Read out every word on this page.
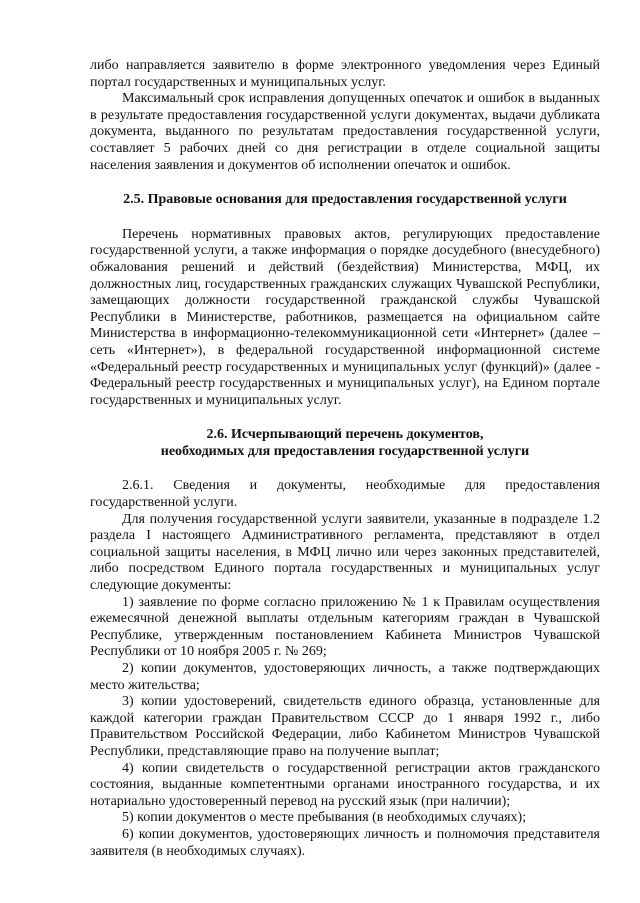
либо направляется заявителю в форме электронного уведомления через Единый портал государственных и муниципальных услуг.

Максимальный срок исправления допущенных опечаток и ошибок в выданных в результате предоставления государственной услуги документах, выдачи дубликата документа, выданного по результатам предоставления государственной услуги, составляет 5 рабочих дней со дня регистрации в отделе социальной защиты населения заявления и документов об исполнении опечаток и ошибок.

2.5. Правовые основания для предоставления государственной услуги

Перечень нормативных правовых актов, регулирующих предоставление государственной услуги, а также информация о порядке досудебного (внесудебного) обжалования решений и действий (бездействия) Министерства, МФЦ, их должностных лиц, государственных гражданских служащих Чувашской Республики, замещающих должности государственной гражданской службы Чувашской Республики в Министерстве, работников, размещается на официальном сайте Министерства в информационно-телекоммуникационной сети «Интернет» (далее – сеть «Интернет»), в федеральной государственной информационной системе «Федеральный реестр государственных и муниципальных услуг (функций)» (далее - Федеральный реестр государственных и муниципальных услуг), на Едином портале государственных и муниципальных услуг.

2.6. Исчерпывающий перечень документов,
необходимых для предоставления государственной услуги

2.6.1. Сведения и документы, необходимые для предоставления государственной услуги.

Для получения государственной услуги заявители, указанные в подразделе 1.2 раздела I настоящего Административного регламента, представляют в отдел социальной защиты населения, в МФЦ лично или через законных представителей, либо посредством Единого портала государственных и муниципальных услуг следующие документы:

1) заявление по форме согласно приложению № 1 к Правилам осуществления ежемесячной денежной выплаты отдельным категориям граждан в Чувашской Республике, утвержденным постановлением Кабинета Министров Чувашской Республики от 10 ноября 2005 г. № 269;

2) копии документов, удостоверяющих личность, а также подтверждающих место жительства;

3) копии удостоверений, свидетельств единого образца, установленные для каждой категории граждан Правительством СССР до 1 января 1992 г., либо Правительством Российской Федерации, либо Кабинетом Министров Чувашской Республики, представляющие право на получение выплат;

4) копии свидетельств о государственной регистрации актов гражданского состояния, выданные компетентными органами иностранного государства, и их нотариально удостоверенный перевод на русский язык (при наличии);

5) копии документов о месте пребывания (в необходимых случаях);

6) копии документов, удостоверяющих личность и полномочия представителя заявителя (в необходимых случаях).
